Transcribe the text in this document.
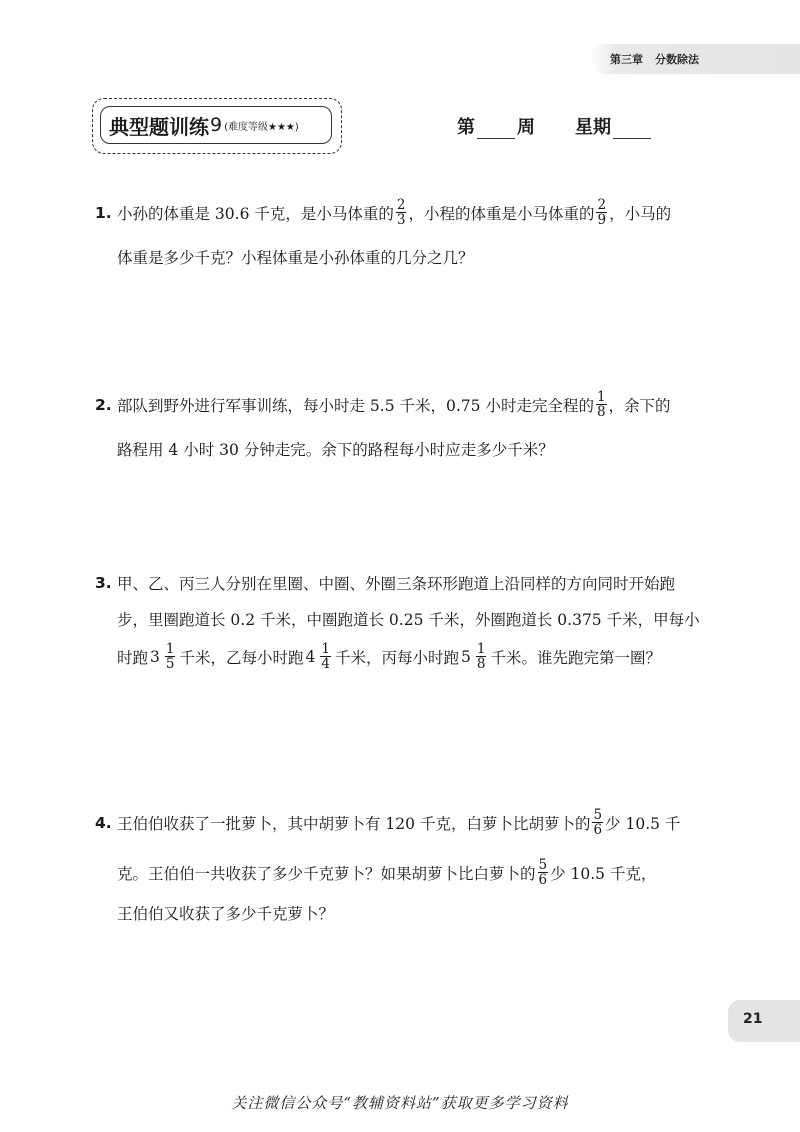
第三章 分数除法
典型题训练 9 (难度等级★★★)	第 周 星期
1. 小孙的体重是 30.6 千克，是小马体重的 $\frac{2}{3}$ ，小程的体重是小马体重的 $\frac{2}{9}$ ，小马的
体重是多少千克？小程体重是小孙体重的几分之几？
2. 部队到野外进行军事训练，每小时走 5.5 千米，0.75 小时走完全程的 $\frac{1}{8}$ ，余下的
路程用 4 小时 30 分钟走完。余下的路程每小时应走多少千米？
3. 甲、乙、丙三人分别在里圈、中圈、外圈三条环形跑道上沿同样的方向同时开始跑
步，里圈跑道长 0.2 千米，中圈跑道长 0.25 千米，外圈跑道长 0.375 千米，甲每小
时跑 $3 \frac{1}{5}$ 千米，乙每小时跑 $4 \frac{1}{4}$ 千米，丙每小时跑 $5 \frac{1}{8}$ 千米。谁先跑完第一圈？
4. 王伯伯收获了一批萝卜，其中胡萝卜有 120 千克，白萝卜比胡萝卜的 $\frac{5}{6}$ 少 10.5 千
克。王伯伯一共收获了多少千克萝卜？如果胡萝卜比白萝卜的 $\frac{5}{6}$ 少 10.5 千克，
王伯伯又收获了多少千克萝卜？
21
关注微信公众号“教辅资料站”获取更多学习资料
